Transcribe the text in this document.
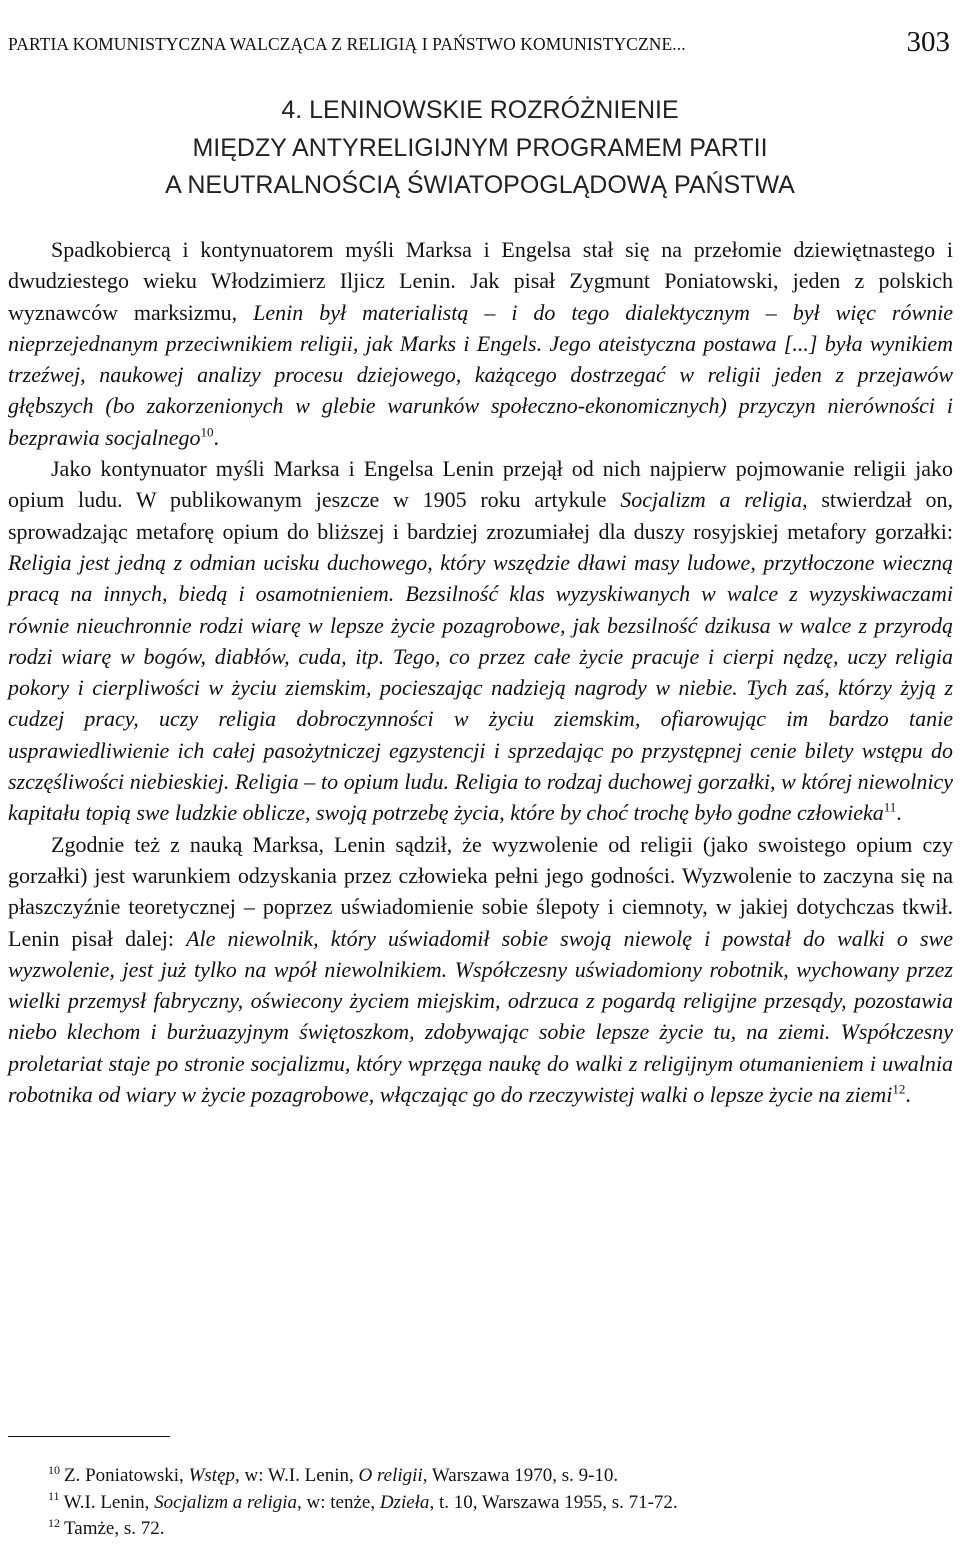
PARTIA KOMUNISTYCZNA WALCZĄCA Z RELIGIĄ I PAŃSTWO KOMUNISTYCZNE...	303
4. LENINOWSKIE ROZRÓŻNIENIE
MIĘDZY ANTYRELIGIJNYM PROGRAMEM PARTII
A NEUTRALNOŚCIĄ ŚWIATOPOGLĄDOWĄ PAŃSTWA

Spadkobiercą i kontynuatorem myśli Marksa i Engelsa stał się na przełomie dziewiętnastego i dwudziestego wieku Włodzimierz Iljicz Lenin. Jak pisał Zygmunt Poniatowski, jeden z polskich wyznawców marksizmu, Lenin był materialistą – i do tego dialektycznym – był więc równie nieprzejednanym przeciwnikiem religii, jak Marks i Engels. Jego ateistyczna postawa [...] była wynikiem trzeźwej, naukowej analizy procesu dziejowego, każącego dostrzegać w religii jeden z przejawów głębszych (bo zakorzenionych w glebie warunków społeczno-ekonomicznych) przyczyn nierówności i bezprawia socjalnego$^{10}$.

Jako kontynuator myśli Marksa i Engelsa Lenin przejął od nich najpierw pojmowanie religii jako opium ludu. W publikowanym jeszcze w 1905 roku artykule Socjalizm a religia, stwierdzał on, sprowadzając metaforę opium do bliższej i bardziej zrozumiałej dla duszy rosyjskiej metafory gorzałki: Religia jest jedną z odmian ucisku duchowego, który wszędzie dławi masy ludowe, przytłoczone wieczną pracą na innych, biedą i osamotnieniem. Bezsilność klas wyzyskiwanych w walce z wyzyskiwaczami równie nieuchronnie rodzi wiarę w lepsze życie pozagrobowe, jak bezsilność dzikusa w walce z przyrodą rodzi wiarę w bogów, diabłów, cuda, itp. Tego, co przez całe życie pracuje i cierpi nędzę, uczy religia pokory i cierpliwości w życiu ziemskim, pocieszając nadzieją nagrody w niebie. Tych zaś, którzy żyją z cudzej pracy, uczy religia dobroczynności w życiu ziemskim, ofiarowując im bardzo tanie usprawiedliwienie ich całej pasożytniczej egzystencji i sprzedając po przystępnej cenie bilety wstępu do szczęśliwości niebieskiej. Religia – to opium ludu. Religia to rodzaj duchowej gorzałki, w której niewolnicy kapitału topią swe ludzkie oblicze, swoją potrzebę życia, które by choć trochę było godne człowieka$^{11}$.

Zgodnie też z nauką Marksa, Lenin sądził, że wyzwolenie od religii (jako swoistego opium czy gorzałki) jest warunkiem odzyskania przez człowieka pełni jego godności. Wyzwolenie to zaczyna się na płaszczyźnie teoretycznej – poprzez uświadomienie sobie ślepoty i ciemnoty, w jakiej dotychczas tkwił. Lenin pisał dalej: Ale niewolnik, który uświadomił sobie swoją niewolę i powstał do walki o swe wyzwolenie, jest już tylko na wpół niewolnikiem. Współczesny uświadomiony robotnik, wychowany przez wielki przemysł fabryczny, oświecony życiem miejskim, odrzuca z pogardą religijne przesądy, pozostawia niebo klechom i burżuazyjnym świętoszkom, zdobywając sobie lepsze życie tu, na ziemi. Współczesny proletariat staje po stronie socjalizmu, który wprzęga naukę do walki z religijnym otumanieniem i uwalnia robotnika od wiary w życie pozagrobowe, włączając go do rzeczywistej walki o lepsze życie na ziemi$^{12}$.

$^{10}$ Z. Poniatowski, Wstęp, w: W.I. Lenin, O religii, Warszawa 1970, s. 9-10.
$^{11}$ W.I. Lenin, Socjalizm a religia, w: tenże, Dzieła, t. 10, Warszawa 1955, s. 71-72.
$^{12}$ Tamże, s. 72.
